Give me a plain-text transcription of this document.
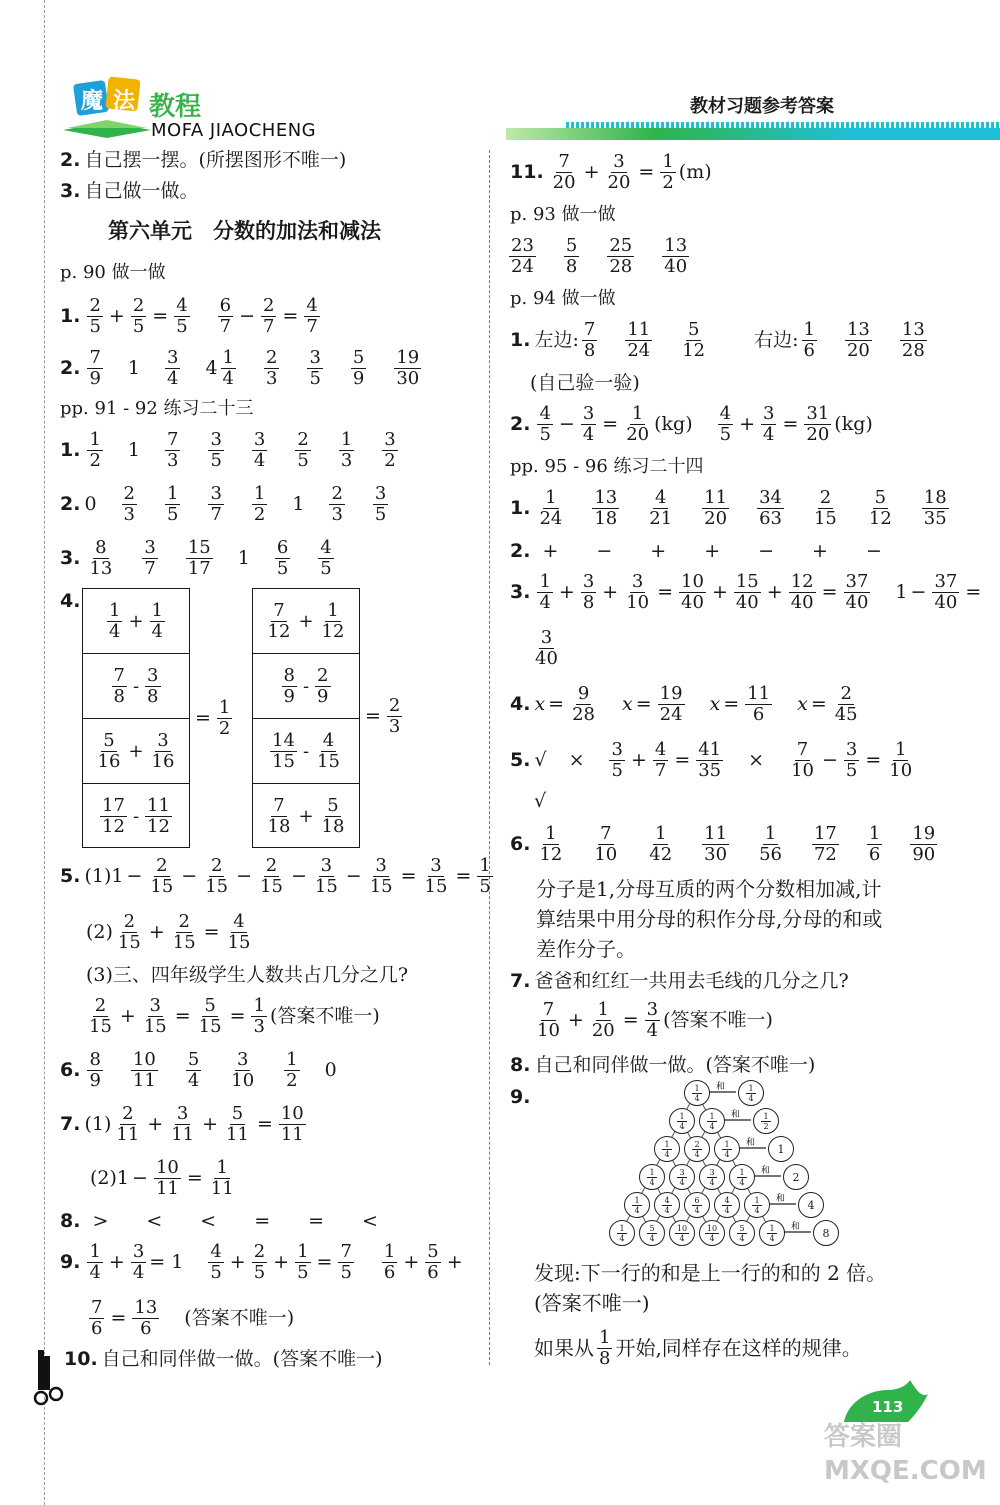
魔法 教程
MOFA JIAOCHENG
教材习题参考答案
2. 自己摆一摆。(所摆图形不唯一)
3. 自己做一做。
第六单元　分数的加法和减法
p. 90 做一做
1. $\frac{2}{5} + \frac{2}{5} = \frac{4}{5} \frac{6}{7} - \frac{2}{7} = \frac{4}{7}$
2. $\frac{7}{9} 1 \frac{3}{4} 4 \frac{1}{4} \frac{2}{3} \frac{3}{5} \frac{5}{9} \frac{19}{30}$
pp. 91 - 92 练习二十三
1. $\frac{1}{2} 1 \frac{7}{3} \frac{3}{5} \frac{3}{4} \frac{2}{5} \frac{1}{3} \frac{3}{2}$
2. $0 \frac{2}{3} \frac{1}{5} \frac{3}{7} \frac{1}{2} 1 \frac{2}{3} \frac{3}{5}$
3. $\frac{8}{13} \frac{3}{7} \frac{15}{17} 1 \frac{6}{5} \frac{4}{5}$
4. $\frac{1}{4} + \frac{1}{4}$
$\frac{7}{8} - \frac{3}{8}$
$\frac{5}{16} + \frac{3}{16}$
$\frac{17}{12} - \frac{11}{12}$
= $\frac{1}{2}$
$\frac{7}{12} + \frac{1}{12}$
$\frac{8}{9} - \frac{2}{9}$
$\frac{14}{15} - \frac{4}{15}$
$\frac{7}{18} + \frac{5}{18}$
= $\frac{2}{3}$
5. $(1)1 - \frac{2}{15} - \frac{2}{15} - \frac{2}{15} - \frac{3}{15} - \frac{3}{15} = \frac{3}{15} = \frac{1}{5}$
$(2) \frac{2}{15} + \frac{2}{15} = \frac{4}{15}$
(3)三、四年级学生人数共占几分之几?
$\frac{2}{15} + \frac{3}{15} = \frac{5}{15} = \frac{1}{3}$ (答案不唯一)
6. $\frac{8}{9} \frac{10}{11} \frac{5}{4} \frac{3}{10} \frac{1}{2} 0$
7. $(1) \frac{2}{11} + \frac{3}{11} + \frac{5}{11} = \frac{10}{11}$
$(2)1 - \frac{10}{11} = \frac{1}{11}$
8. >　　<　　<　　=　　=　　<
9. $\frac{1}{4} + \frac{3}{4} = 1 \frac{4}{5} + \frac{2}{5} + \frac{1}{5} = \frac{7}{5} \frac{1}{6} + \frac{5}{6}$ +
$\frac{7}{6} = \frac{13}{6}$ (答案不唯一)
10. 自己和同伴做一做。(答案不唯一)
11. $\frac{7}{20} + \frac{3}{20} = \frac{1}{2} (m)$
p. 93 做一做
$\frac{23}{24} \frac{5}{8} \frac{25}{28} \frac{13}{40}$
p. 94 做一做
1. 左边: $\frac{7}{8} \frac{11}{24} \frac{5}{12}$ 右边: $\frac{1}{6} \frac{13}{20} \frac{13}{28}$
(自己验一验)
2. $\frac{4}{5} - \frac{3}{4} = \frac{1}{20} (kg) \frac{4}{5} + \frac{3}{4} = \frac{31}{20} (kg)$
pp. 95 - 96 练习二十四
1. $\frac{1}{24} \frac{13}{18} \frac{4}{21} \frac{11}{20} \frac{34}{63} \frac{2}{15} \frac{5}{12} \frac{18}{35}$
2. +　　−　　+　　+　　−　　+　　−
3. $\frac{1}{4} + \frac{3}{8} + \frac{3}{10} = \frac{10}{40} + \frac{15}{40} + \frac{12}{40} = \frac{37}{40} 1 - \frac{37}{40}$ =
$\frac{3}{40}$
4. $x = \frac{9}{28}$ $x = \frac{19}{24}$ $x = \frac{11}{6}$ $x = \frac{2}{45}$
5. √ × $\frac{3}{5} + \frac{4}{7} = \frac{41}{35} \times \frac{7}{10} - \frac{3}{5} = \frac{1}{10}$
√
6. $\frac{1}{12} \frac{7}{10} \frac{1}{42} \frac{11}{30} \frac{1}{56} \frac{17}{72} \frac{1}{6} \frac{19}{90}$
分子是1,分母互质的两个分数相加减,计
算结果中用分母的积作分母,分母的和或
差作分子。
7. 爸爸和红红一共用去毛线的几分之几?
$\frac{7}{10} + \frac{1}{20} = \frac{3}{4}$ (答案不唯一)
8. 自己和同伴做一做。(答案不唯一)
9.	和
和
和
和
和
和
1
4
1
4
1
4
1
4
2
4
1
4
1
4
3
4
3
4
1
4
1
4
4
4
6
4
4
4
1
4
1
4
5
4
10
4
10
4
5
4
1
4
1
4
1
2
1
2
4
8
发现:下一行的和是上一行的和的 2 倍。
(答案不唯一)
如果从 $\frac{1}{8}$ 开始,同样存在这样的规律。
113
答案圈 MXQE.COM
